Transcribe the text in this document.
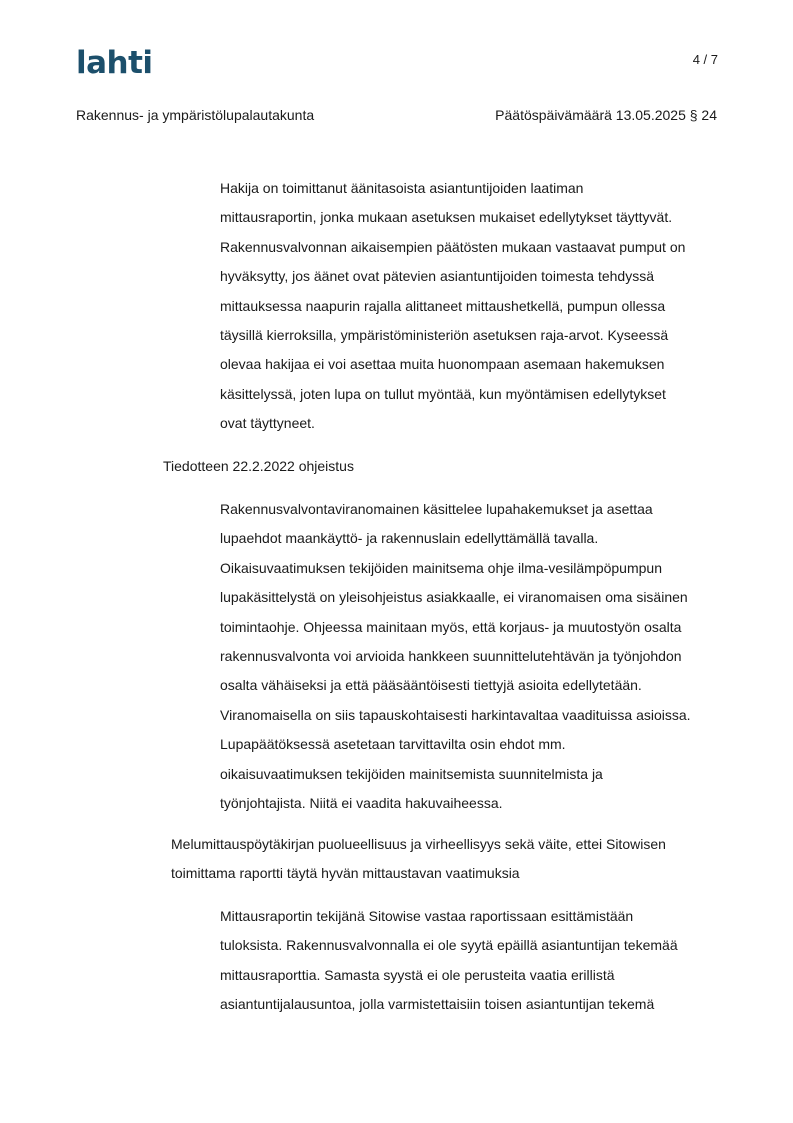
lahti	4 / 7
Rakennus- ja ympäristölupalautakunta	Päätöspäivämäärä 13.05.2025 § 24

Hakija on toimittanut äänitasoista asiantuntijoiden laatiman

mittausraportin, jonka mukaan asetuksen mukaiset edellytykset täyttyvät.

Rakennusvalvonnan aikaisempien päätösten mukaan vastaavat pumput on

hyväksytty, jos äänet ovat pätevien asiantuntijoiden toimesta tehdyssä

mittauksessa naapurin rajalla alittaneet mittaushetkellä, pumpun ollessa

täysillä kierroksilla, ympäristöministeriön asetuksen raja-arvot. Kyseessä

olevaa hakijaa ei voi asettaa muita huonompaan asemaan hakemuksen

käsittelyssä, joten lupa on tullut myöntää, kun myöntämisen edellytykset

ovat täyttyneet.

Tiedotteen 22.2.2022 ohjeistus

Rakennusvalvontaviranomainen käsittelee lupahakemukset ja asettaa

lupaehdot maankäyttö- ja rakennuslain edellyttämällä tavalla.

Oikaisuvaatimuksen tekijöiden mainitsema ohje ilma-vesilämpöpumpun

lupakäsittelystä on yleisohjeistus asiakkaalle, ei viranomaisen oma sisäinen

toimintaohje. Ohjeessa mainitaan myös, että korjaus- ja muutostyön osalta

rakennusvalvonta voi arvioida hankkeen suunnittelutehtävän ja työnjohdon

osalta vähäiseksi ja että pääsääntöisesti tiettyjä asioita edellytetään.

Viranomaisella on siis tapauskohtaisesti harkintavaltaa vaadituissa asioissa.

Lupapäätöksessä asetetaan tarvittavilta osin ehdot mm.

oikaisuvaatimuksen tekijöiden mainitsemista suunnitelmista ja

työnjohtajista. Niitä ei vaadita hakuvaiheessa.

Melumittauspöytäkirjan puolueellisuus ja virheellisyys sekä väite, ettei Sitowisen

toimittama raportti täytä hyvän mittaustavan vaatimuksia

Mittausraportin tekijänä Sitowise vastaa raportissaan esittämistään

tuloksista. Rakennusvalvonnalla ei ole syytä epäillä asiantuntijan tekemää

mittausraporttia. Samasta syystä ei ole perusteita vaatia erillistä

asiantuntijalausuntoa, jolla varmistettaisiin toisen asiantuntijan tekemä
